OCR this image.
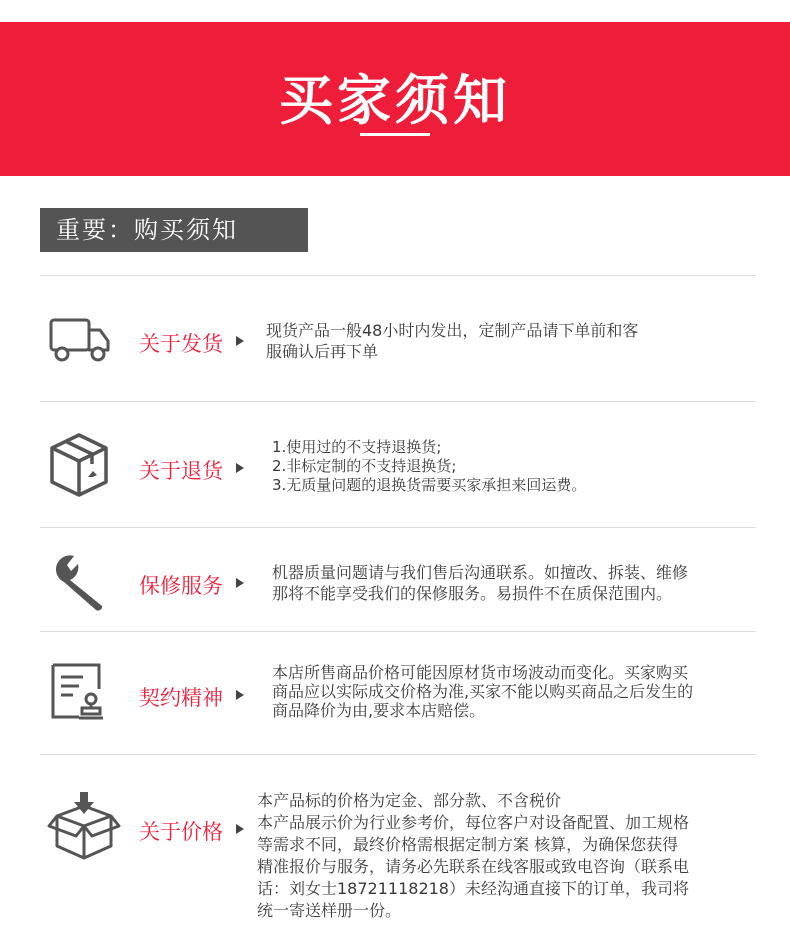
买家须知
重要：购买须知
关于发货
现货产品一般48小时内发出，定制产品请下单前和客
服确认后再下单
关于退货
1.使用过的不支持退换货;
2.非标定制的不支持退换货;
3.无质量问题的退换货需要买家承担来回运费。
保修服务
机器质量问题请与我们售后沟通联系。如擅改、拆装、维修
那将不能享受我们的保修服务。易损件不在质保范围内。
契约精神
本店所售商品价格可能因原材货市场波动而变化。买家购买
商品应以实际成交价格为准,买家不能以购买商品之后发生的
商品降价为由,要求本店赔偿。
关于价格
本产品标的价格为定金、部分款、不含税价
本产品展示价为行业参考价，每位客户对设备配置、加工规格
等需求不同，最终价格需根据定制方案 核算，为确保您获得
精准报价与服务，请务必先联系在线客服或致电咨询（联系电
话：刘女士18721118218）未经沟通直接下的订单，我司将
统一寄送样册一份。
